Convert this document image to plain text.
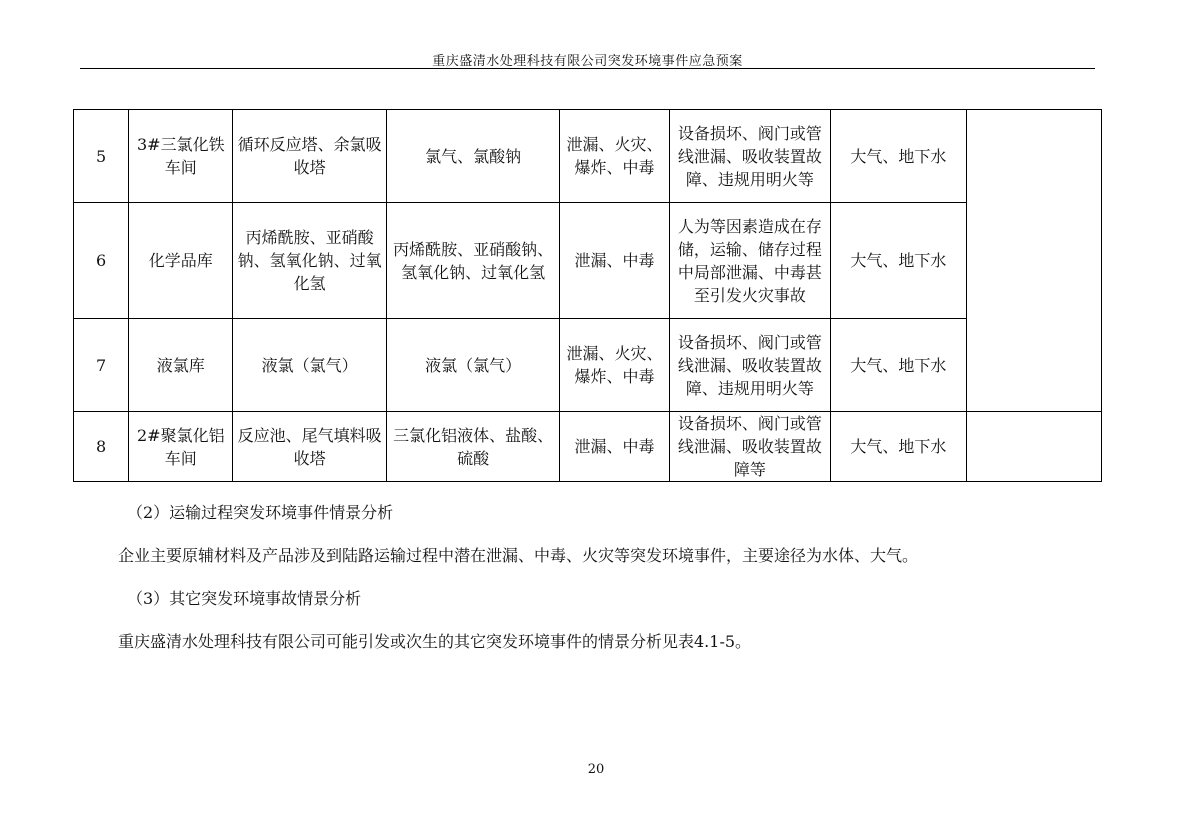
重庆盛清水处理科技有限公司突发环境事件应急预案
5	3#三氯化铁车间	循环反应塔、余氯吸收塔	氯气、氯酸钠	泄漏、火灾、爆炸、中毒	设备损坏、阀门或管线泄漏、吸收装置故障、违规用明火等	大气、地下水	
6	化学品库	丙烯酰胺、亚硝酸钠、氢氧化钠、过氧化氢	丙烯酰胺、亚硝酸钠、氢氧化钠、过氧化氢	泄漏、中毒	人为等因素造成在存储，运输、储存过程中局部泄漏、中毒甚至引发火灾事故	大气、地下水	
7	液氯库	液氯（氯气）	液氯（氯气）	泄漏、火灾、爆炸、中毒	设备损坏、阀门或管线泄漏、吸收装置故障、违规用明火等	大气、地下水	
8	2#聚氯化铝车间	反应池、尾气填料吸收塔	三氯化铝液体、盐酸、硫酸	泄漏、中毒	设备损坏、阀门或管线泄漏、吸收装置故障等	大气、地下水	
（2）运输过程突发环境事件情景分析
企业主要原辅材料及产品涉及到陆路运输过程中潜在泄漏、中毒、火灾等突发环境事件，主要途径为水体、大气。
（3）其它突发环境事故情景分析
重庆盛清水处理科技有限公司可能引发或次生的其它突发环境事件的情景分析见表4.1-5。
20
